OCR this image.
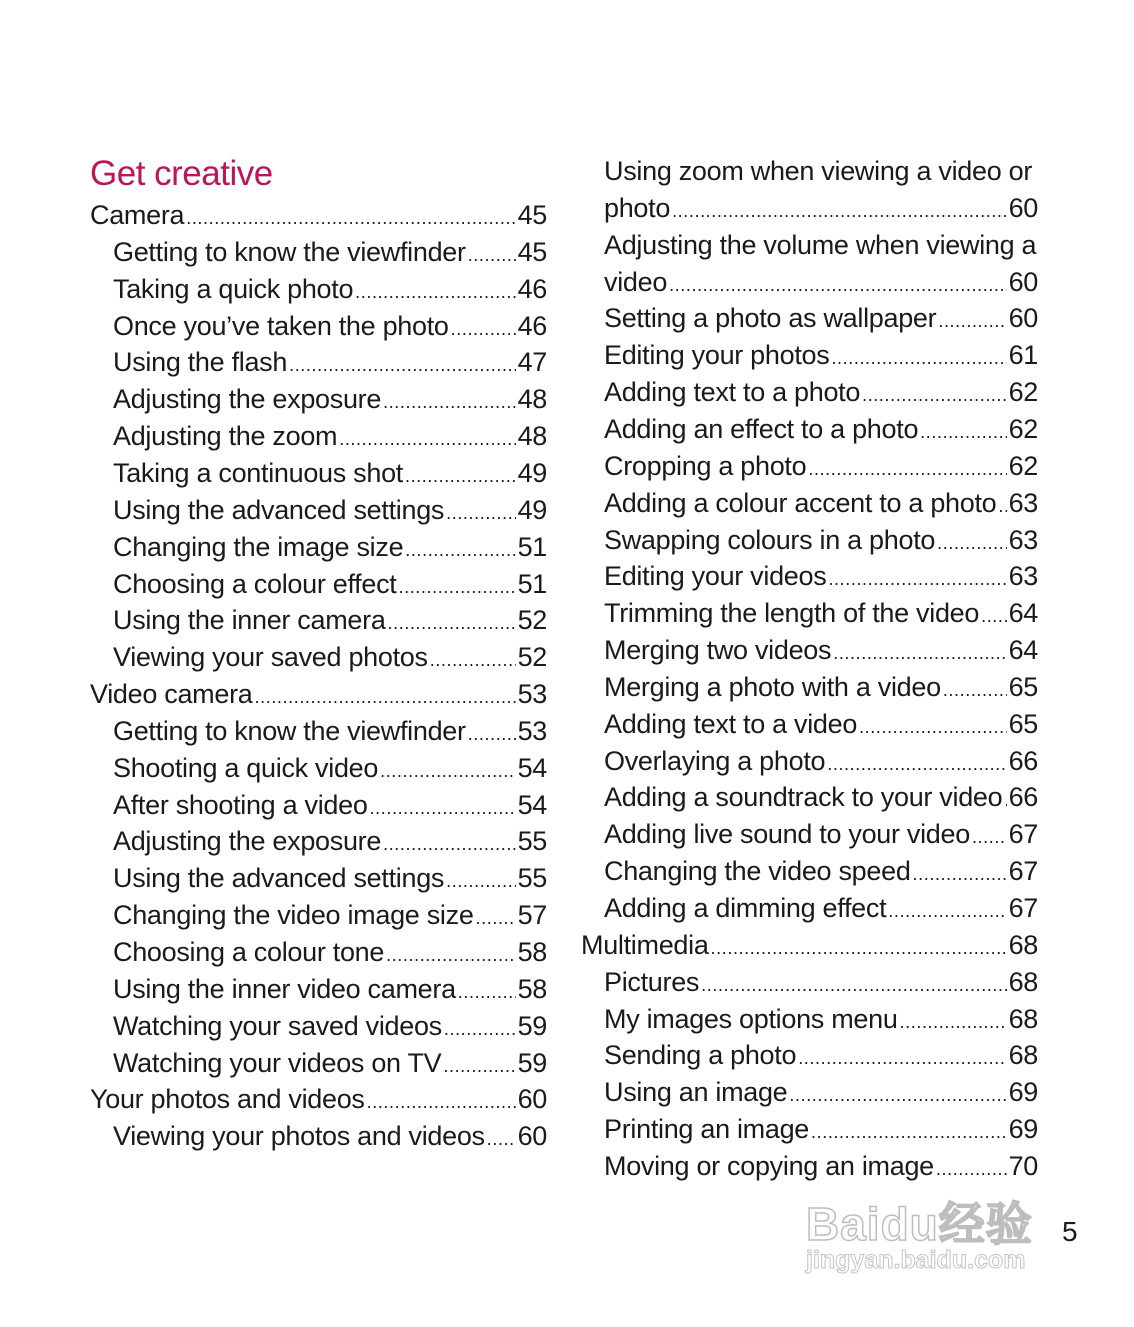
Get creative
Camera .....	45
Getting to know the viewfinder ..... 45
Taking a quick photo .....	46
Once you’ve taken the photo .....	46
Using the flash .....	47
Adjusting the exposure .....	48
Adjusting the zoom .....	48
Taking a continuous shot .....	49
Using the advanced settings .....	49
Changing the image size .....	51
Choosing a colour effect .....	51
Using the inner camera .....	52
Viewing your saved photos .....	52
Video camera .....	53
Getting to know the viewfinder ..... 53
Shooting a quick video .....	54
After shooting a video .....	54
Adjusting the exposure .....	55
Using the advanced settings .....	55
Changing the video image size ..... 57
Choosing a colour tone .....	58
Using the inner video camera ..... 58
Watching your saved videos .....	59
Watching your videos on TV .....	59
Your photos and videos .....	60
Viewing your photos and videos ..... 60
Using zoom when viewing a video or
photo .....	60
Adjusting the volume when viewing a
video .....	60
Setting a photo as wallpaper .....	60
Editing your photos .....	61
Adding text to a photo .....	62
Adding an effect to a photo .....	62
Cropping a photo .....	62
Adding a colour accent to a photo ..... 63
Swapping colours in a photo .....	63
Editing your videos .....	63
Trimming the length of the video ..... 64
Merging two videos .....	64
Merging a photo with a video .....	65
Adding text to a video .....	65
Overlaying a photo .....	66
Adding a soundtrack to your video ..... 66
Adding live sound to your video ..... 67
Changing the video speed .....	67
Adding a dimming effect .....	67
Multimedia .....	68
Pictures .....	68
My images options menu .....	68
Sending a photo .....	68
Using an image .....	69
Printing an image .....	69
Moving or copying an image .....	70
5
Baidu经验
jingyan.baidu.com
